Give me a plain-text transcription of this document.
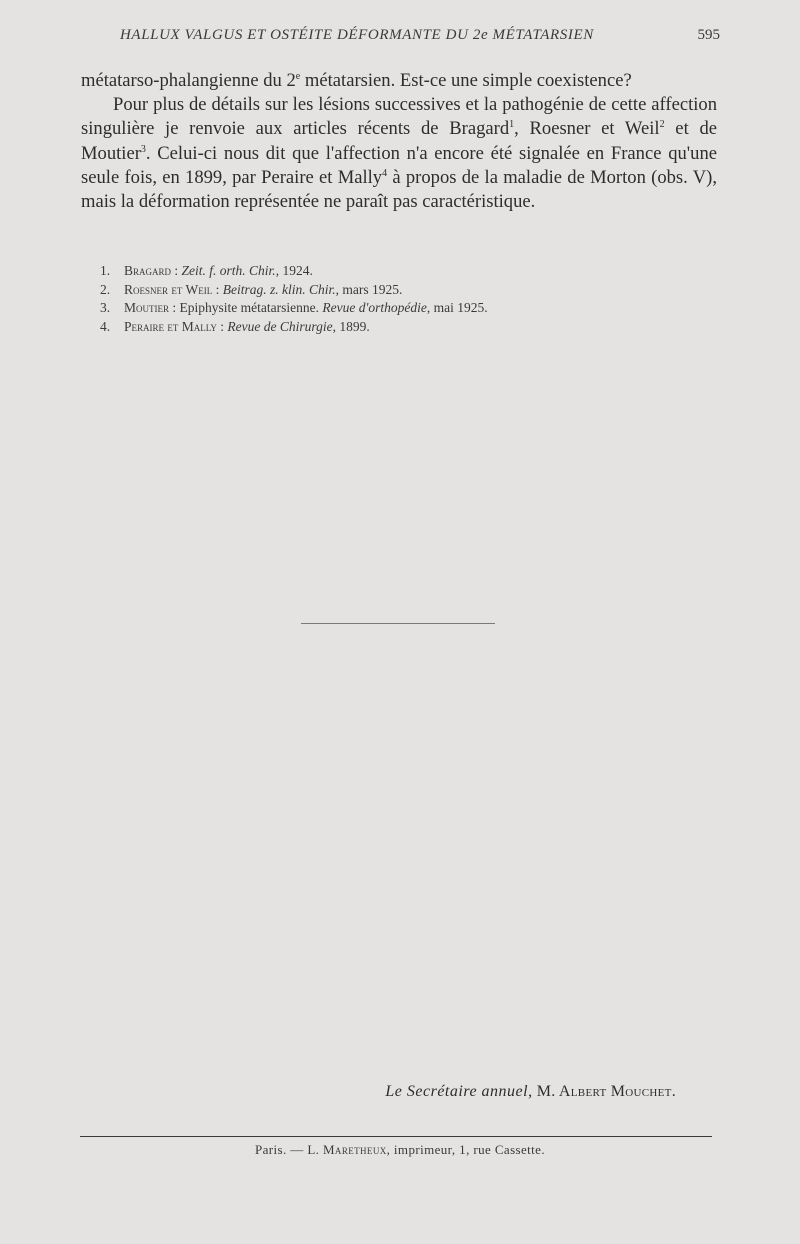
HALLUX VALGUS ET OSTÉITE DÉFORMANTE DU 2e MÉTATARSIEN	595

métatarso-phalangienne du 2e métatarsien. Est-ce une simple coexistence?

Pour plus de détails sur les lésions successives et la pathogénie de cette affection singulière je renvoie aux articles récents de Bragard$^1$, Roesner et Weil$^2$ et de Moutier$^3$. Celui-ci nous dit que l'affection n'a encore été signalée en France qu'une seule fois, en 1899, par Peraire et Mally$^4$ à propos de la maladie de Morton (obs. V), mais la déformation représentée ne paraît pas caractéristique.

1. Bragard : Zeit. f. orth. Chir., 1924.
2. Roesner et Weil : Beitrag. z. klin. Chir., mars 1925.
3. Moutier : Epiphysite métatarsienne. Revue d'orthopédie, mai 1925.
4. Peraire et Mally : Revue de Chirurgie, 1899.
Le Secrétaire annuel, M. Albert Mouchet.
Paris. — L. Maretheux, imprimeur, 1, rue Cassette.
